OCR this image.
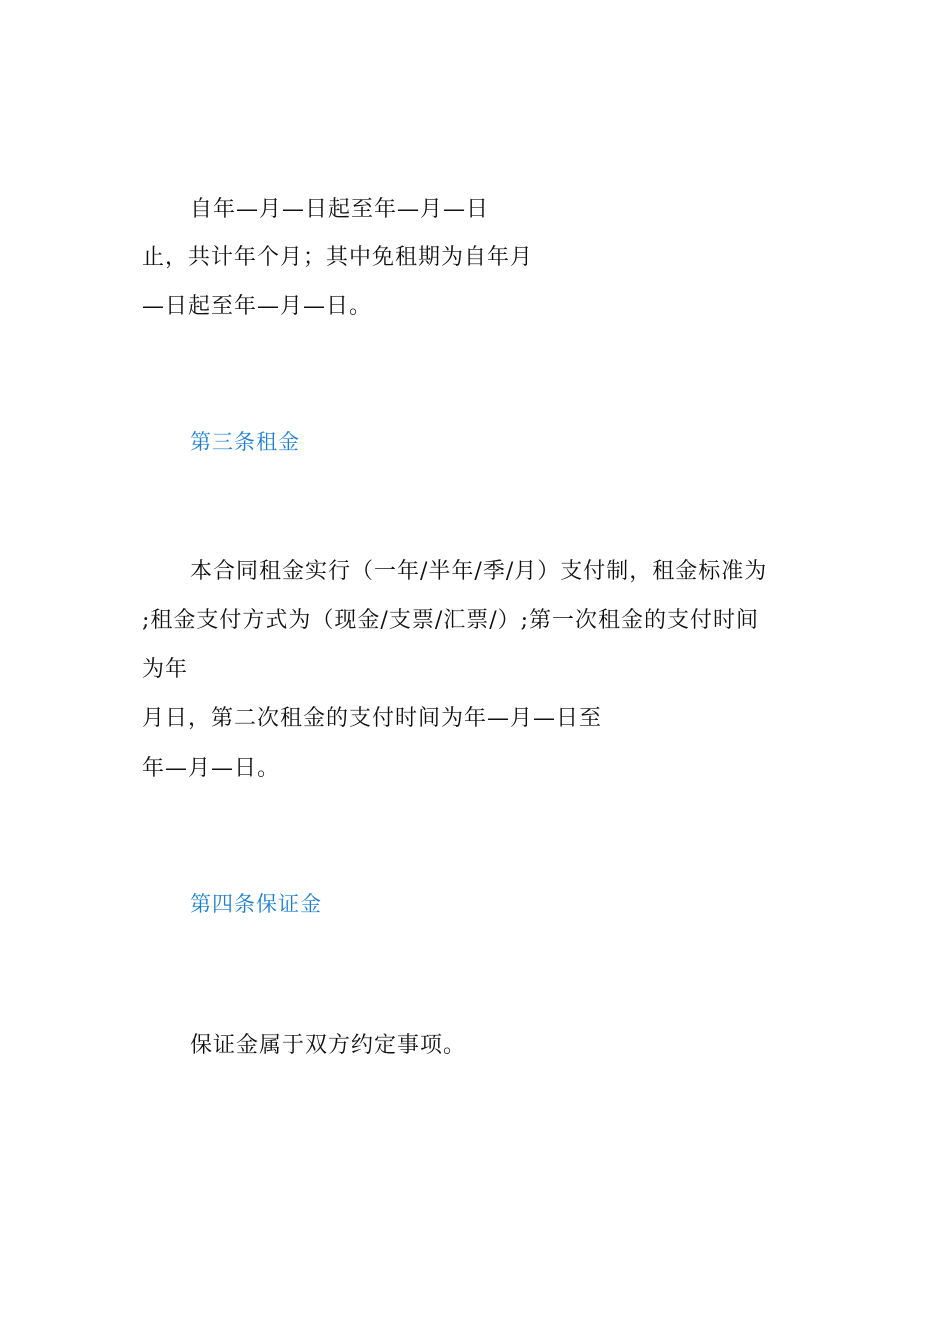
自年—月—日起至年—月—日
止，共计年个月；其中免租期为自年月
—日起至年—月—日。
第三条租金
本合同租金实行（一年/半年/季/月）支付制，租金标准为
;租金支付方式为（现金/支票/汇票/）;第一次租金的支付时间
为年
月日，第二次租金的支付时间为年—月—日至
年—月—日。
第四条保证金
保证金属于双方约定事项。
